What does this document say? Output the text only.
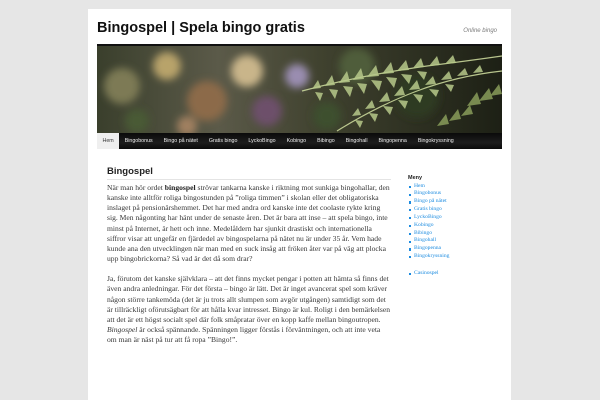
Bingospel | Spela bingo gratis	Online bingo
Hem	Bingobonus	Bingo på nätet	Gratis bingo	LyckoBingo	Kobingo	Bibingo	Bingohall	Bingopenna	Bingokryssning
Bingospel

När man hör ordet bingospel strövar tankarna kanske i riktning mot sunkiga bingohallar, den kanske inte alltför roliga bingostunden på ”roliga timmen” i skolan eller det obligatoriska inslaget på pensionärshemmet. Det har med andra ord kanske inte det coolaste rykte kring sig. Men någonting har hänt under de senaste åren. Det är bara att inse – att spela bingo, inte minst på Internet, är hett och inne. Medelåldern har sjunkit drastiskt och internationella siffror visar att ungefär en fjärdedel av bingospelarna på nätet nu är under 35 år. Vem hade kunde ana den utvecklingen när man med en suck insåg att fröken åter var på väg att plocka upp bingobrickorna? Så vad är det då som drar?

Ja, förutom det kanske självklara – att det finns mycket pengar i potten att hämta så finns det även andra anledningar. För det första – bingo är lätt. Det är inget avancerat spel som kräver någon större tankemöda (det är ju trots allt slumpen som avgör utgången) samtidigt som det är tillräckligt oförutsägbart för att hålla kvar intresset. Bingo är kul. Roligt i den bemärkelsen att det är ett högst socialt spel där folk småpratar över en kopp kaffe mellan bingoutropen. Bingospel är också spännande. Spänningen ligger förstås i förväntningen, och att inte veta om man är näst på tur att få ropa ”Bingo!”.

Meny
Hem
Bingobonus
Bingo på nätet
Gratis bingo
LyckoBingo
Kobingo
Bibingo
Bingohall
Bingopenna
Bingokryssning
Casinospel
